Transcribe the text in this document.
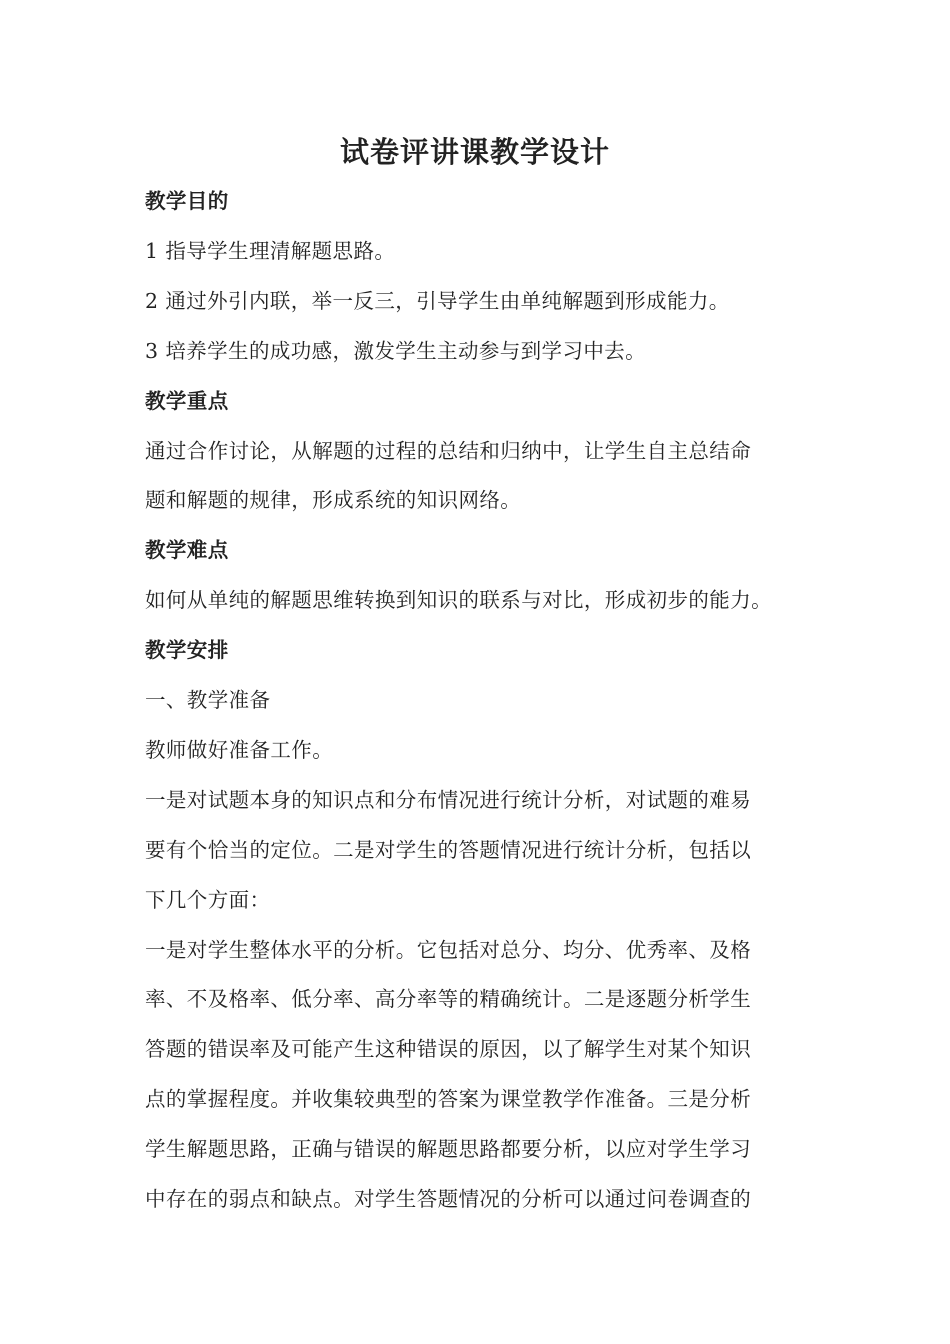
试卷评讲课教学设计
教学目的
1 指导学生理清解题思路。
2 通过外引内联，举一反三，引导学生由单纯解题到形成能力。
3 培养学生的成功感，激发学生主动参与到学习中去。
教学重点
通过合作讨论，从解题的过程的总结和归纳中，让学生自主总结命
题和解题的规律，形成系统的知识网络。
教学难点
如何从单纯的解题思维转换到知识的联系与对比，形成初步的能力。
教学安排
一、教学准备
教师做好准备工作。
一是对试题本身的知识点和分布情况进行统计分析，对试题的难易
要有个恰当的定位。二是对学生的答题情况进行统计分析，包括以
下几个方面：
一是对学生整体水平的分析。它包括对总分、均分、优秀率、及格
率、不及格率、低分率、高分率等的精确统计。二是逐题分析学生
答题的错误率及可能产生这种错误的原因，以了解学生对某个知识
点的掌握程度。并收集较典型的答案为课堂教学作准备。三是分析
学生解题思路，正确与错误的解题思路都要分析，以应对学生学习
中存在的弱点和缺点。对学生答题情况的分析可以通过问卷调查的
